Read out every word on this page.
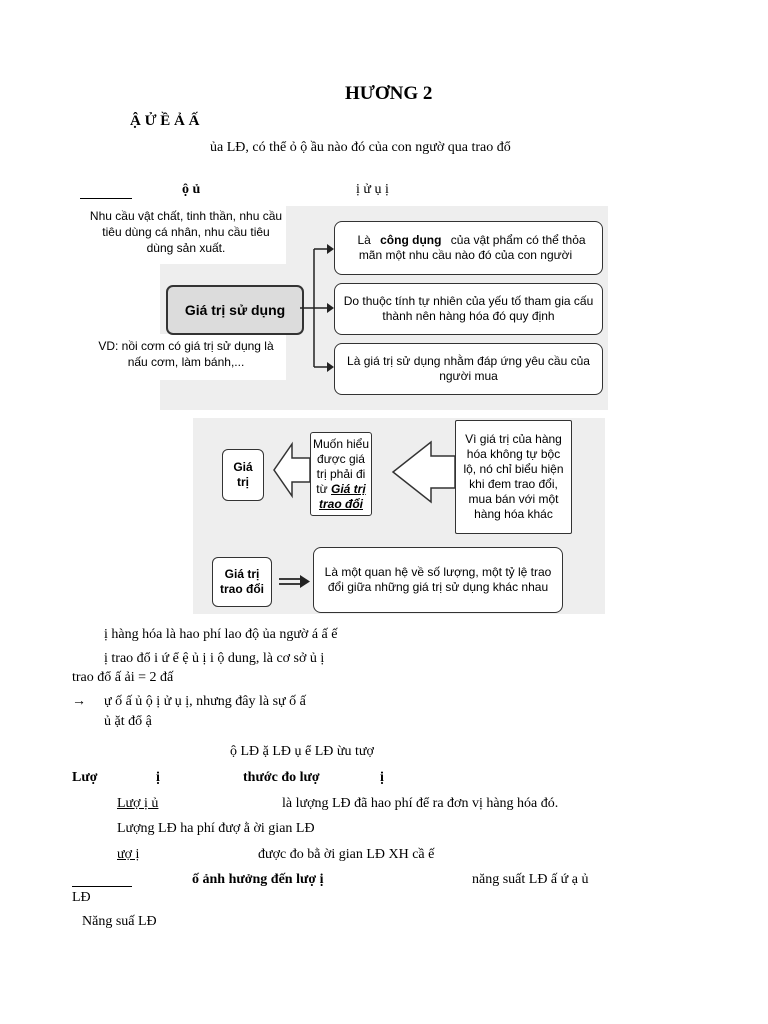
HƯƠNG 2
Ậ Ử Ề Ả Ấ
ủa LĐ, có thể ỏ ộ ầu nào đó của con ngườ qua trao đổ
ộ ủ	ị ử ụ ị
Nhu cầu vật chất, tinh thần, nhu cầu tiêu dùng cá nhân, nhu cầu tiêu dùng sản xuất.
VD: nồi cơm có giá trị sử dụng là nấu cơm, làm bánh,...
Giá trị sử dụng
Là công dụng của vật phẩm có thể thỏa mãn một nhu cầu nào đó của con người
Do thuộc tính tự nhiên của yếu tố tham gia cấu thành nên hàng hóa đó quy định
Là giá trị sử dụng nhằm đáp ứng yêu cầu của người mua
Giá trị
Muốn hiểu được giá trị phải đi từ Giá trị trao đổi
Vì giá trị của hàng hóa không tự bộc lộ, nó chỉ biểu hiện khi đem trao đổi, mua bán với một hàng hóa khác
Giá trị trao đổi
Là một quan hệ về số lượng, một tỷ lệ trao đổi giữa những giá trị sử dụng khác nhau
ị hàng hóa là hao phí lao độ ủa ngườ á ấ ế
ị trao đổ i ứ ể ệ ủ ị i ộ dung, là cơ sở ủ ị
trao đổ ấ ải = 2 đấ
→ ự ố ấ ủ ộ ị ử ụ ị, nhưng đây là sự ố ấ
ủ ặt đổ ậ
ộ LĐ ặ LĐ ụ ể LĐ ừu tượ
Lượ	ị	thước đo lượ	ị
Lượ ị ủ	là lượng LĐ đã hao phí để ra đơn vị hàng hóa đó.
Lượng LĐ ha phí đượ ằ ời gian LĐ
ượ ị	được đo bằ ời gian LĐ XH cầ ế
ố ảnh hưởng đến lượ ị	năng suất LĐ ấ ứ ạ ủ
LĐ
Năng suấ LĐ
